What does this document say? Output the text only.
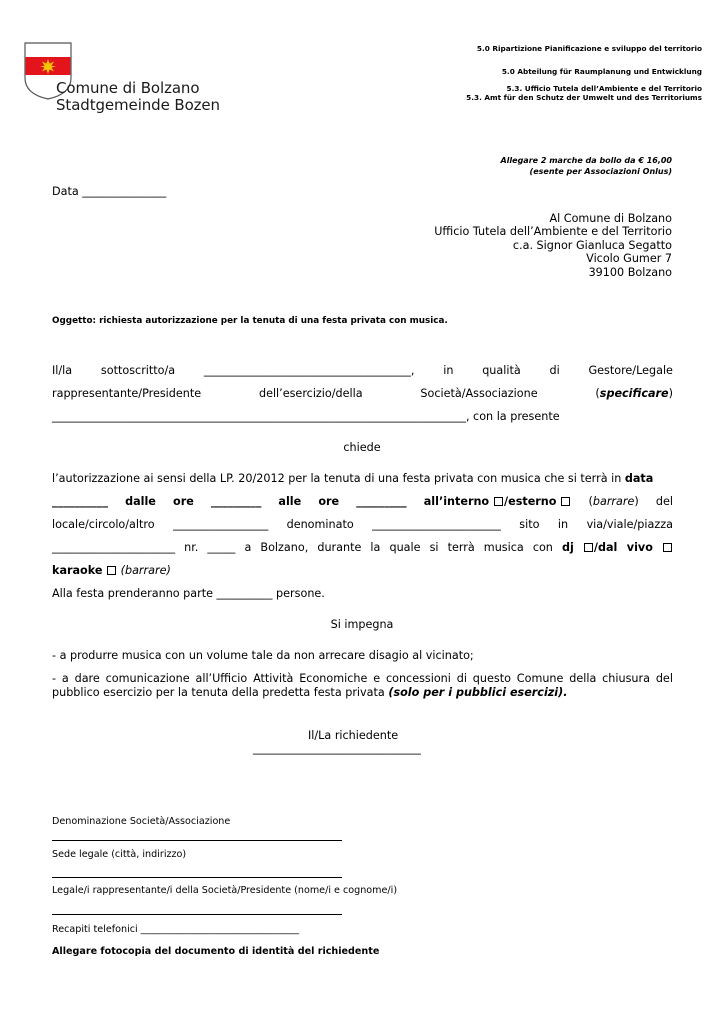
Comune di Bolzano
Stadtgemeinde Bozen
5.0 Ripartizione Pianificazione e sviluppo del territorio
5.0 Abteilung für Raumplanung und Entwicklung
5.3. Ufficio Tutela dell’Ambiente e del Territorio
5.3. Amt für den Schutz der Umwelt und des Territoriums
Allegare 2 marche da bollo da € 16,00
(esente per Associazioni Onlus)
Data _______________
Al Comune di Bolzano
Ufficio Tutela dell’Ambiente e del Territorio
c.a. Signor Gianluca Segatto
Vicolo Gumer 7
39100 Bolzano
Oggetto: richiesta autorizzazione per la tenuta di una festa privata con musica.
Il/la	sottoscritto/a	_____________________________________,	in	qualità	di	Gestore/Legale
rappresentante/Presidente	dell’esercizio/della	Società/Associazione	(specificare)
__________________________________________________________________________, con la presente
chiede
l’autorizzazione ai sensi della LP. 20/2012 per la tenuta di una festa privata con musica che si terrà in data
__________ dalle ore _________ alle ore _________ all’interno /esterno	(barrare) del
locale/circolo/altro _________________ denominato _______________________ sito in via/viale/piazza
______________________ nr. _____ a Bolzano, durante la quale si terrà musica con dj /dal vivo
karaoke (barrare)
Alla festa prenderanno parte __________ persone.
Si impegna
- a produrre musica con un volume tale da non arrecare disagio al vicinato;
- a dare comunicazione all’Ufficio Attività Economiche e concessioni di questo Comune della chiusura del
pubblico esercizio per la tenuta della predetta festa privata (solo per i pubblici esercizi).
Il/La richiedente
______________________________
Denominazione Società/Associazione
Sede legale (città, indirizzo)
Legale/i rappresentante/i della Società/Presidente (nome/i e cognome/i)
Recapiti telefonici _________________________________
Allegare fotocopia del documento di identità del richiedente
